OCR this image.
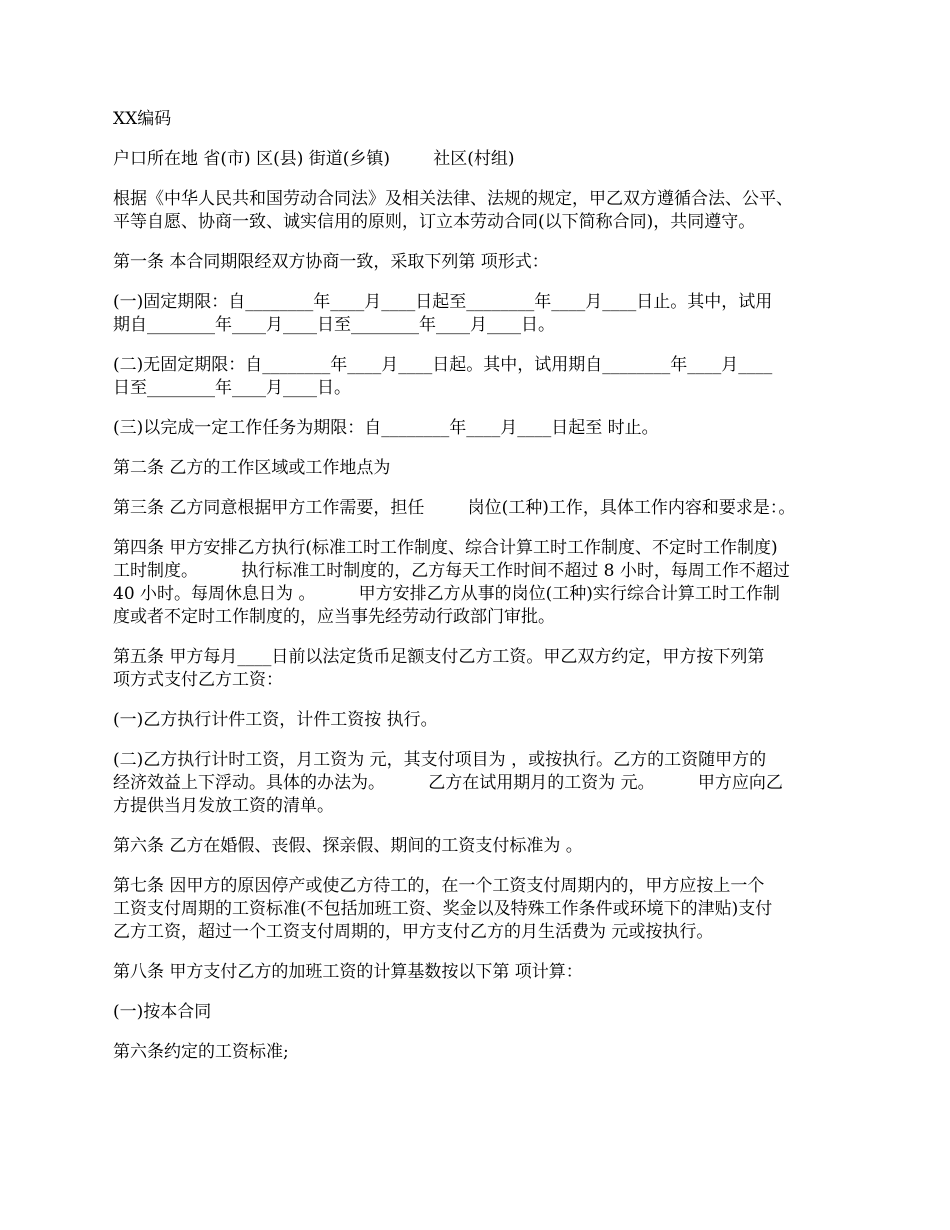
XX编码
户口所在地 省(市) 区(县) 街道(乡镇)        社区(村组)
根据《中华人民共和国劳动合同法》及相关法律、法规的规定，甲乙双方遵循合法、公平、
平等自愿、协商一致、诚实信用的原则，订立本劳动合同(以下简称合同)，共同遵守。
第一条 本合同期限经双方协商一致，采取下列第 项形式：
(一)固定期限：自________年____月____日起至________年____月____日止。其中，试用
期自________年____月____日至________年____月____日。
(二)无固定期限：自________年____月____日起。其中，试用期自________年____月____
日至________年____月____日。
(三)以完成一定工作任务为期限：自________年____月____日起至 时止。
第二条 乙方的工作区域或工作地点为
第三条 乙方同意根据甲方工作需要，担任        岗位(工种)工作，具体工作内容和要求是：。
第四条 甲方安排乙方执行(标准工时工作制度、综合计算工时工作制度、不定时工作制度)
工时制度。        执行标准工时制度的，乙方每天工作时间不超过 8 小时，每周工作不超过
40 小时。每周休息日为 。        甲方安排乙方从事的岗位(工种)实行综合计算工时工作制
度或者不定时工作制度的，应当事先经劳动行政部门审批。
第五条 甲方每月____日前以法定货币足额支付乙方工资。甲乙双方约定，甲方按下列第
项方式支付乙方工资：
(一)乙方执行计件工资，计件工资按 执行。
(二)乙方执行计时工资，月工资为 元，其支付项目为 ，或按执行。乙方的工资随甲方的
经济效益上下浮动。具体的办法为。        乙方在试用期月的工资为 元。        甲方应向乙
方提供当月发放工资的清单。
第六条 乙方在婚假、丧假、探亲假、期间的工资支付标准为 。
第七条 因甲方的原因停产或使乙方待工的，在一个工资支付周期内的，甲方应按上一个
工资支付周期的工资标准(不包括加班工资、奖金以及特殊工作条件或环境下的津贴)支付
乙方工资，超过一个工资支付周期的，甲方支付乙方的月生活费为 元或按执行。
第八条 甲方支付乙方的加班工资的计算基数按以下第 项计算：
(一)按本合同
第六条约定的工资标准;
